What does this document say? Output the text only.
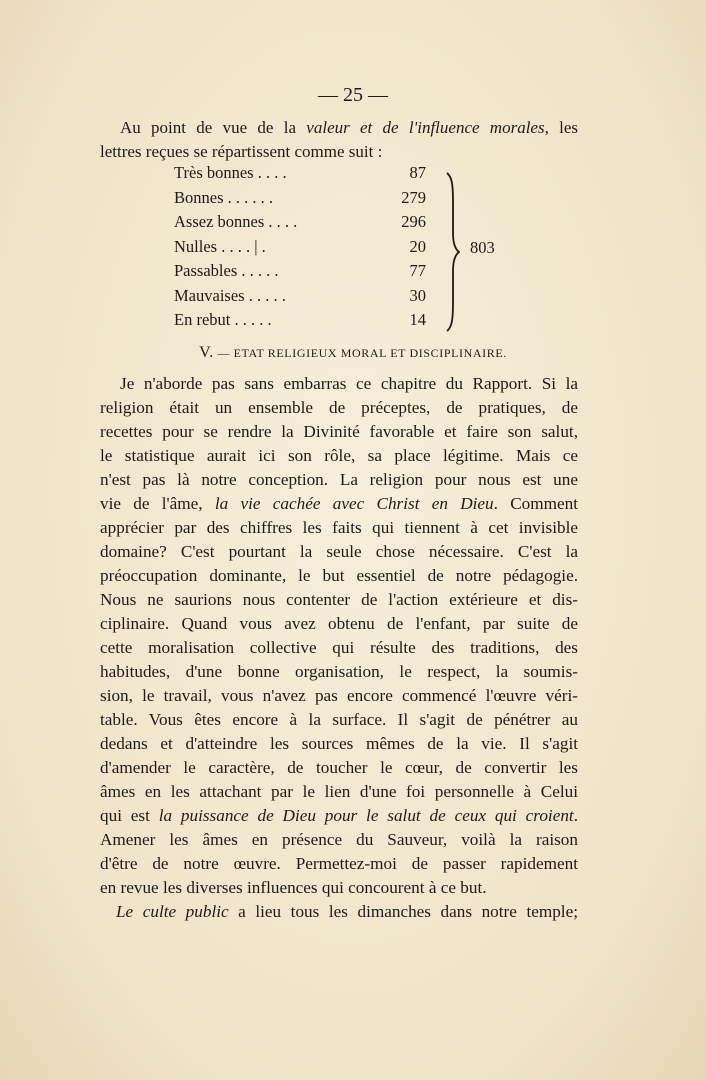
— 25 —
Au point de vue de la valeur et de l'influence morales, les
lettres reçues se répartissent comme suit :
Très bonnes . . . .	87
Bonnes . . . . . .	279
Assez bonnes . . . .	296
Nulles . . . . | .	20
Passables . . . . .	77
Mauvaises . . . . .	30
En rebut . . . . .	14
803
V. — ETAT RELIGIEUX MORAL ET DISCIPLINAIRE.
Je n'aborde pas sans embarras ce chapitre du Rapport. Si la
religion était un ensemble de préceptes, de pratiques, de
recettes pour se rendre la Divinité favorable et faire son salut,
le statistique aurait ici son rôle, sa place légitime. Mais ce
n'est pas là notre conception. La religion pour nous est une
vie de l'âme, la vie cachée avec Christ en Dieu. Comment
apprécier par des chiffres les faits qui tiennent à cet invisible
domaine? C'est pourtant la seule chose nécessaire. C'est la
préoccupation dominante, le but essentiel de notre pédagogie.
Nous ne saurions nous contenter de l'action extérieure et dis-
ciplinaire. Quand vous avez obtenu de l'enfant, par suite de
cette moralisation collective qui résulte des traditions, des
habitudes, d'une bonne organisation, le respect, la soumis-
sion, le travail, vous n'avez pas encore commencé l'œuvre véri-
table. Vous êtes encore à la surface. Il s'agit de pénétrer au
dedans et d'atteindre les sources mêmes de la vie. Il s'agit
d'amender le caractère, de toucher le cœur, de convertir les
âmes en les attachant par le lien d'une foi personnelle à Celui
qui est la puissance de Dieu pour le salut de ceux qui croient.
Amener les âmes en présence du Sauveur, voilà la raison
d'être de notre œuvre. Permettez-moi de passer rapidement
en revue les diverses influences qui concourent à ce but.
Le culte public a lieu tous les dimanches dans notre temple;
